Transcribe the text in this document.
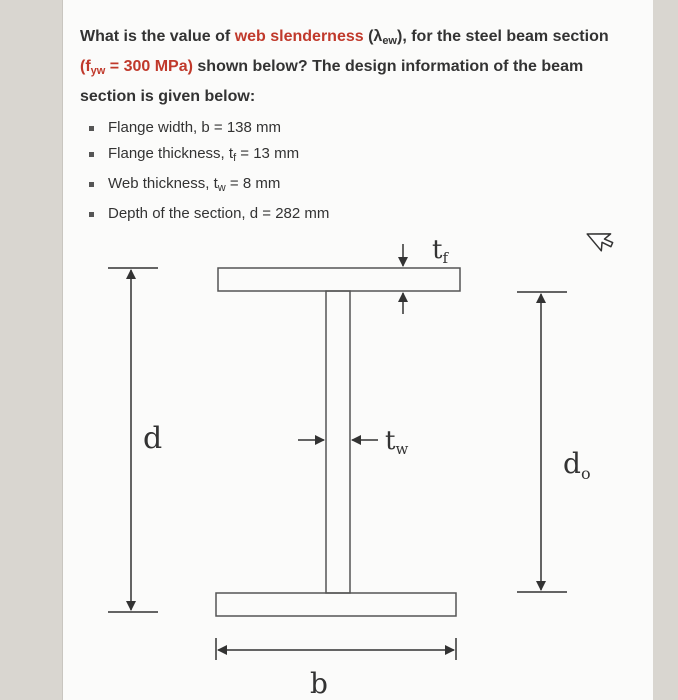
What is the value of web slenderness (λew), for the steel beam section
(fyw = 300 MPa) shown below? The design information of the beam
section is given below:
Flange width, b = 138 mm
Flange thickness, $t_f = 13$ mm
Web thickness, $t_w = 8$ mm
Depth of the section, d = 282 mm
d	tw
tf
$d_o$
b
